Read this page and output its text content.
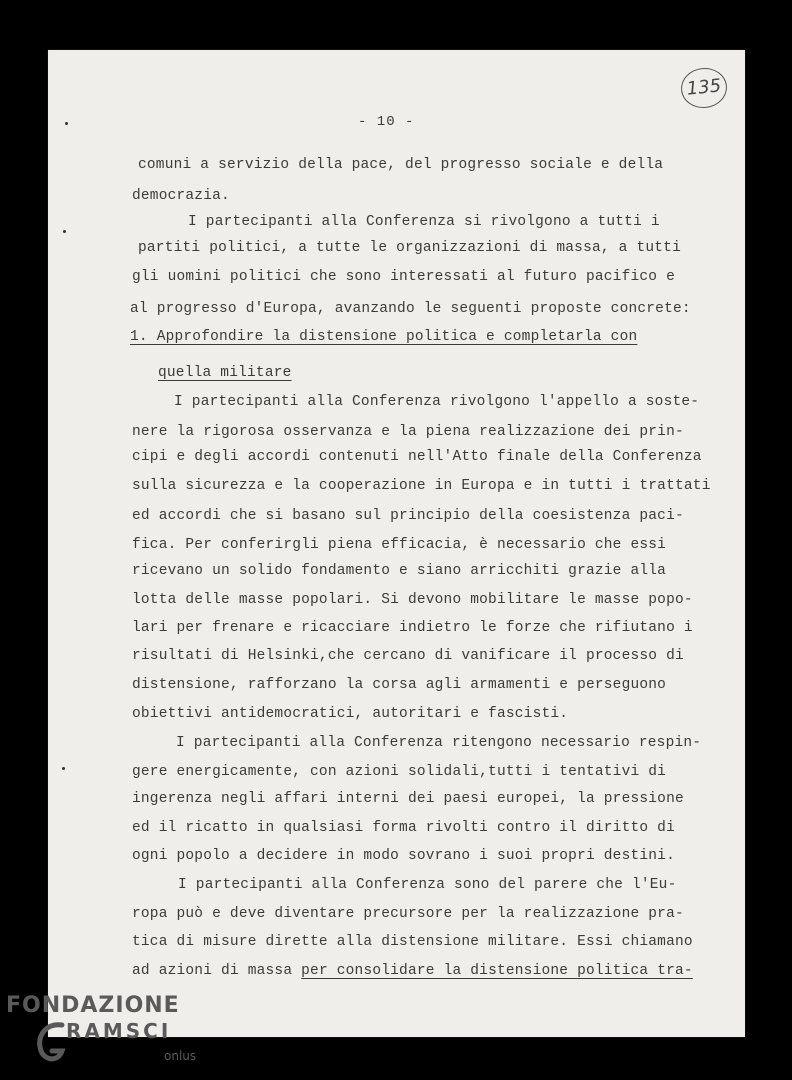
135
- 10 -
comuni a servizio della pace, del progresso sociale e della
democrazia.
I partecipanti alla Conferenza si rivolgono a tutti i
partiti politici, a tutte le organizzazioni di massa, a tutti
gli uomini politici che sono interessati al futuro pacifico e
al progresso d'Europa, avanzando le seguenti proposte concrete:
1. Approfondire la distensione politica e completarla con
quella militare
I partecipanti alla Conferenza rivolgono l'appello a soste-
nere la rigorosa osservanza e la piena realizzazione dei prin-
cipi e degli accordi contenuti nell'Atto finale della Conferenza
sulla sicurezza e la cooperazione in Europa e in tutti i trattati
ed accordi che si basano sul principio della coesistenza paci-
fica. Per conferirgli piena efficacia, è necessario che essi
ricevano un solido fondamento e siano arricchiti grazie alla
lotta delle masse popolari. Si devono mobilitare le masse popo-
lari per frenare e ricacciare indietro le forze che rifiutano i
risultati di Helsinki,che cercano di vanificare il processo di
distensione, rafforzano la corsa agli armamenti e perseguono
obiettivi antidemocratici, autoritari e fascisti.
I partecipanti alla Conferenza ritengono necessario respin-
gere energicamente, con azioni solidali,tutti i tentativi di
ingerenza negli affari interni dei paesi europei, la pressione
ed il ricatto in qualsiasi forma rivolti contro il diritto di
ogni popolo a decidere in modo sovrano i suoi propri destini.
I partecipanti alla Conferenza sono del parere che l'Eu-
ropa può e deve diventare precursore per la realizzazione pra-
tica di misure dirette alla distensione militare. Essi chiamano
ad azioni di massa per consolidare la distensione politica tra-
FONDAZIONE
RAMSCI
onlus
